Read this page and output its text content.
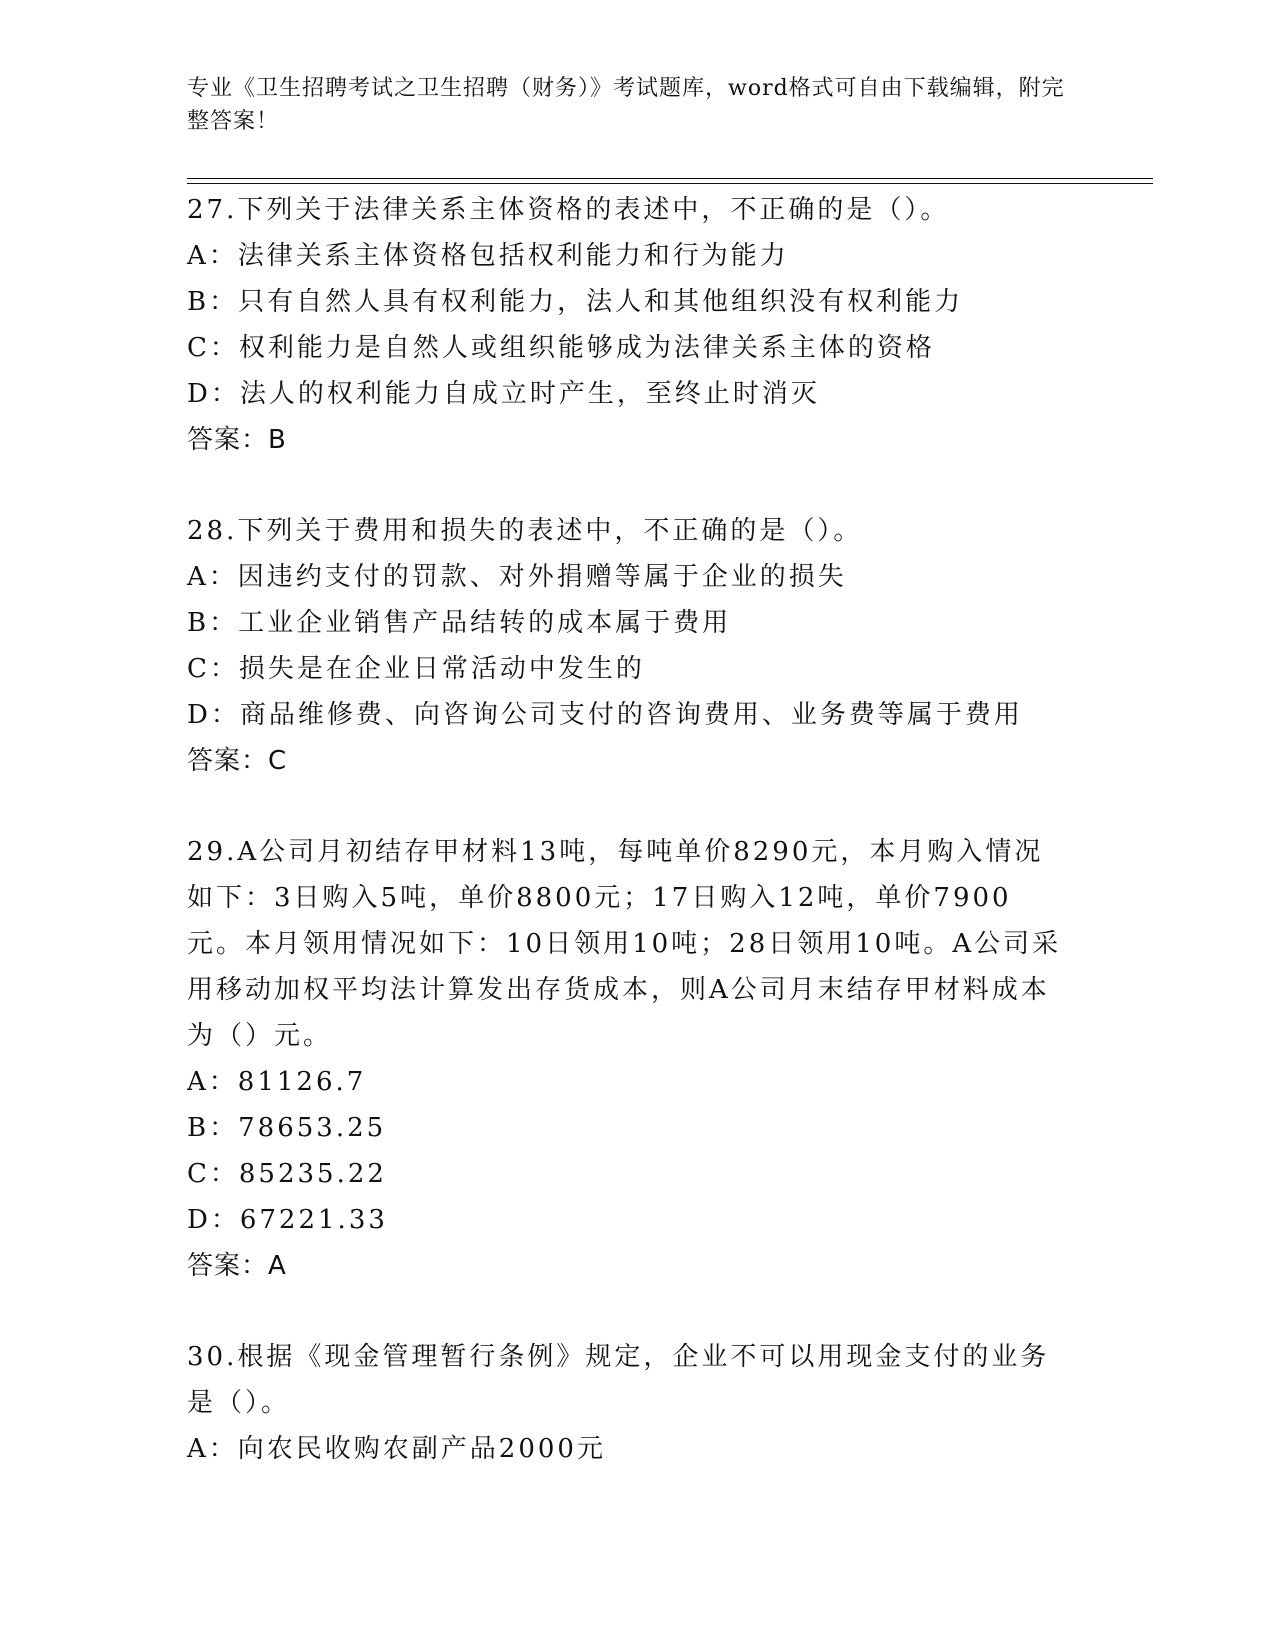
专业《卫生招聘考试之卫生招聘（财务）》考试题库，word格式可自由下载编辑，附完整答案！
27.下列关于法律关系主体资格的表述中，不正确的是（）。
A：法律关系主体资格包括权利能力和行为能力
B：只有自然人具有权利能力，法人和其他组织没有权利能力
C：权利能力是自然人或组织能够成为法律关系主体的资格
D：法人的权利能力自成立时产生，至终止时消灭
答案：B
28.下列关于费用和损失的表述中，不正确的是（）。
A：因违约支付的罚款、对外捐赠等属于企业的损失
B：工业企业销售产品结转的成本属于费用
C：损失是在企业日常活动中发生的
D：商品维修费、向咨询公司支付的咨询费用、业务费等属于费用
答案：C
29.A公司月初结存甲材料13吨，每吨单价8290元，本月购入情况如下：3日购入5吨，单价8800元；17日购入12吨，单价7900元。本月领用情况如下：10日领用10吨；28日领用10吨。A公司采用移动加权平均法计算发出存货成本，则A公司月末结存甲材料成本为（）元。
A：81126.7
B：78653.25
C：85235.22
D：67221.33
答案：A
30.根据《现金管理暂行条例》规定，企业不可以用现金支付的业务是（）。
A：向农民收购农副产品2000元
